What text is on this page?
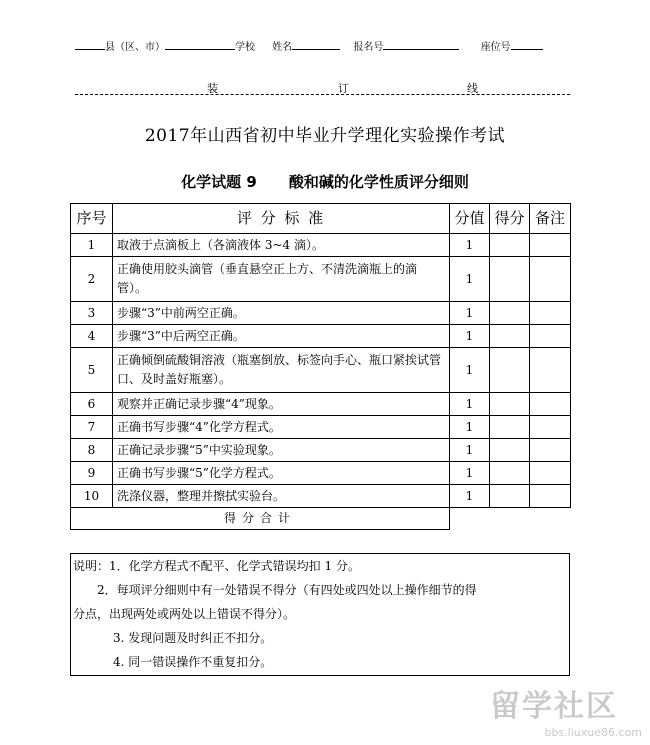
县（区、市）	学校 姓名	报名号	座位号
装	订	线
2017年山西省初中毕业升学理化实验操作考试
化学试题 9 酸和碱的化学性质评分细则
序号	评 分 标 准	分值	得分	备注
1	取液于点滴板上（各滴液体 3~4 滴）。	1		
2	正确使用胶头滴管（垂直悬空正上方、不清洗滴瓶上的滴管）。	1		
3	步骤“3”中前两空正确。	1		
4	步骤“3”中后两空正确。	1		
5	正确倾倒硫酸铜溶液（瓶塞倒放、标签向手心、瓶口紧挨试管口、及时盖好瓶塞）。	1		
6	观察并正确记录步骤“4”现象。	1		
7	正确书写步骤“4”化学方程式。	1		
8	正确记录步骤“5”中实验现象。	1		
9	正确书写步骤“5”化学方程式。	1		
10	洗涤仪器，整理并擦拭实验台。	1		
得分合计				
说明：1．化学方程式不配平、化学式错误均扣 1 分。
2．每项评分细则中有一处错误不得分（有四处或四处以上操作细节的得
分点，出现两处或两处以上错误不得分）。
3. 发现问题及时纠正不扣分。
4. 同一错误操作不重复扣分。
留学社区
bbs.liuxue86.com
